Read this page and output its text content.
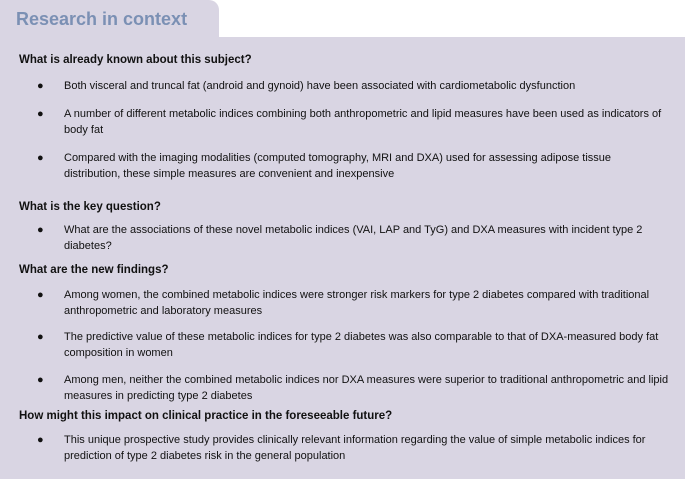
Research in context
What is already known about this subject?
● Both visceral and truncal fat (android and gynoid) have been associated with cardiometabolic dysfunction
● A number of different metabolic indices combining both anthropometric and lipid measures have been used as indicators of body fat
● Compared with the imaging modalities (computed tomography, MRI and DXA) used for assessing adipose tissue distribution, these simple measures are convenient and inexpensive
What is the key question?
● What are the associations of these novel metabolic indices (VAI, LAP and TyG) and DXA measures with incident type 2 diabetes?
What are the new findings?
● Among women, the combined metabolic indices were stronger risk markers for type 2 diabetes compared with traditional anthropometric and laboratory measures
● The predictive value of these metabolic indices for type 2 diabetes was also comparable to that of DXA-measured body fat composition in women
● Among men, neither the combined metabolic indices nor DXA measures were superior to traditional anthropometric and lipid measures in predicting type 2 diabetes
How might this impact on clinical practice in the foreseeable future?
● This unique prospective study provides clinically relevant information regarding the value of simple metabolic indices for prediction of type 2 diabetes risk in the general population
